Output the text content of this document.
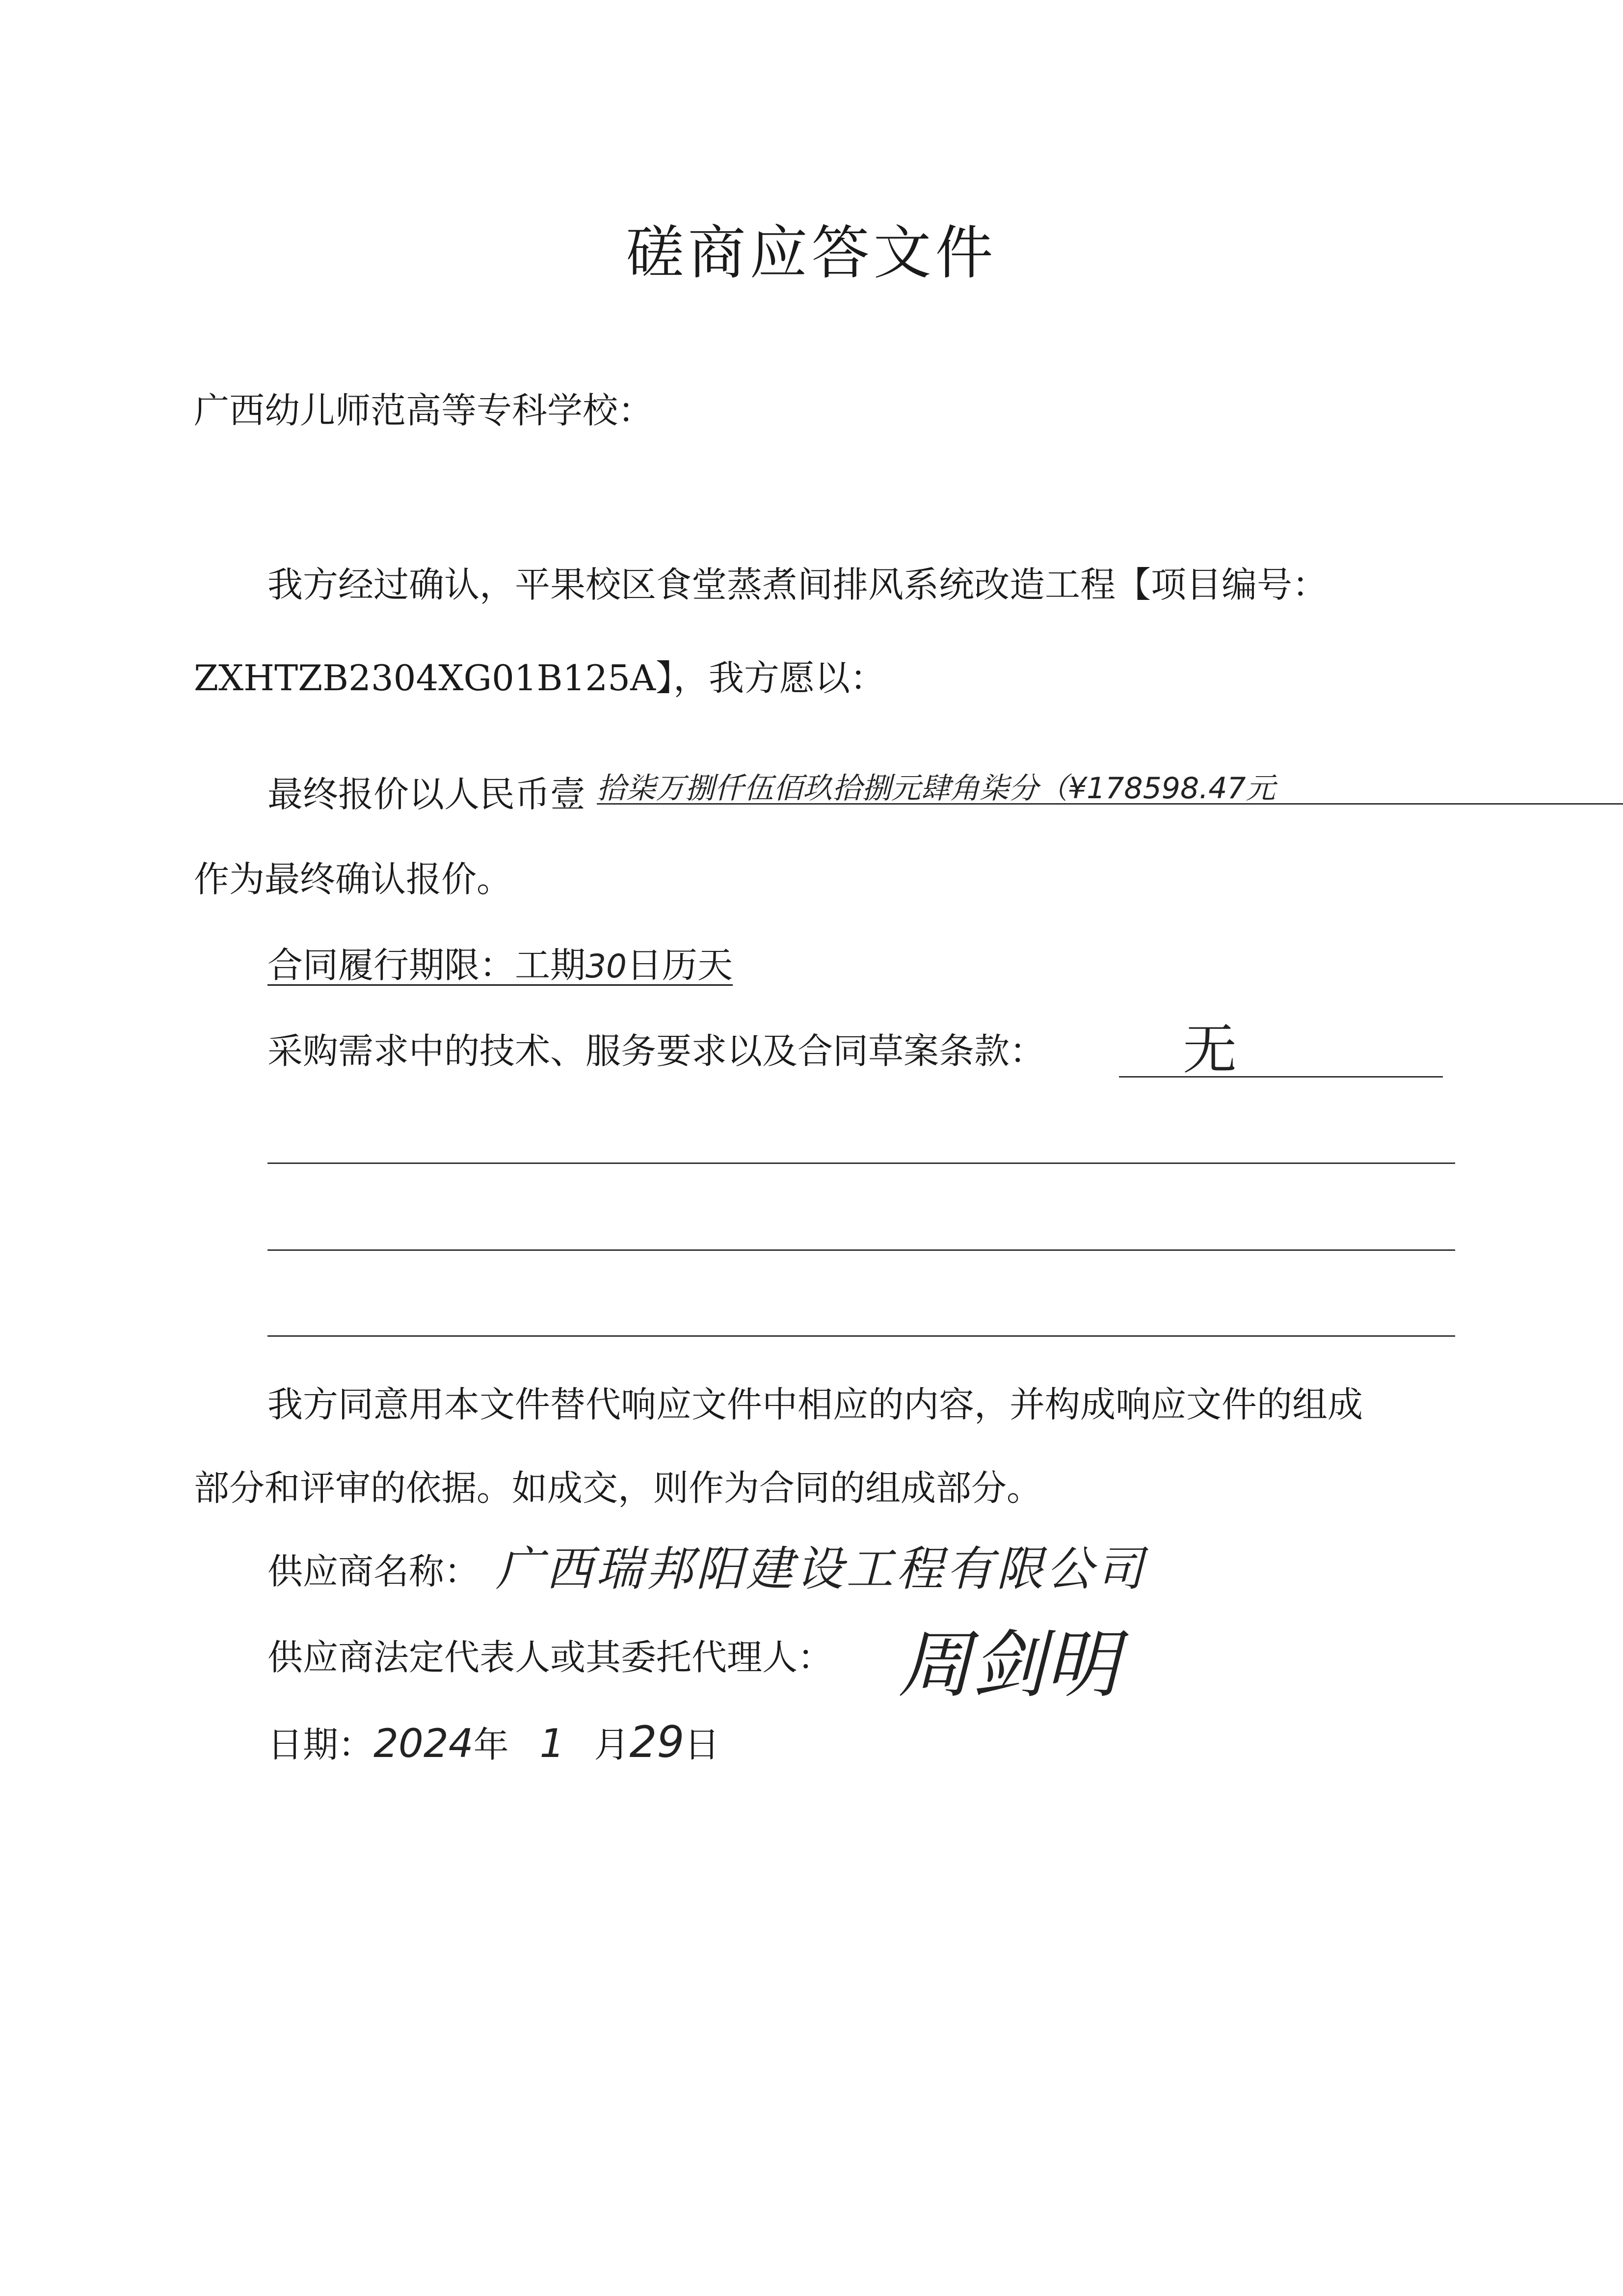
磋商应答文件
广西幼儿师范高等专科学校：
我方经过确认，平果校区食堂蒸煮间排风系统改造工程【项目编号：
ZXHTZB2304XG01B125A】，我方愿以：
最终报价以人民币壹 拾柒万捌仟伍佰玖拾捌元肆角柒分（¥178598.47元
作为最终确认报价。
合同履行期限：工期30日历天
采购需求中的技术、服务要求以及合同草案条款：	无
我方同意用本文件替代响应文件中相应的内容，并构成响应文件的组成
部分和评审的依据。如成交，则作为合同的组成部分。
供应商名称： 广西瑞邦阳建设工程有限公司
供应商法定代表人或其委托代理人： 周剑明
日期：2024年 1 月29日
